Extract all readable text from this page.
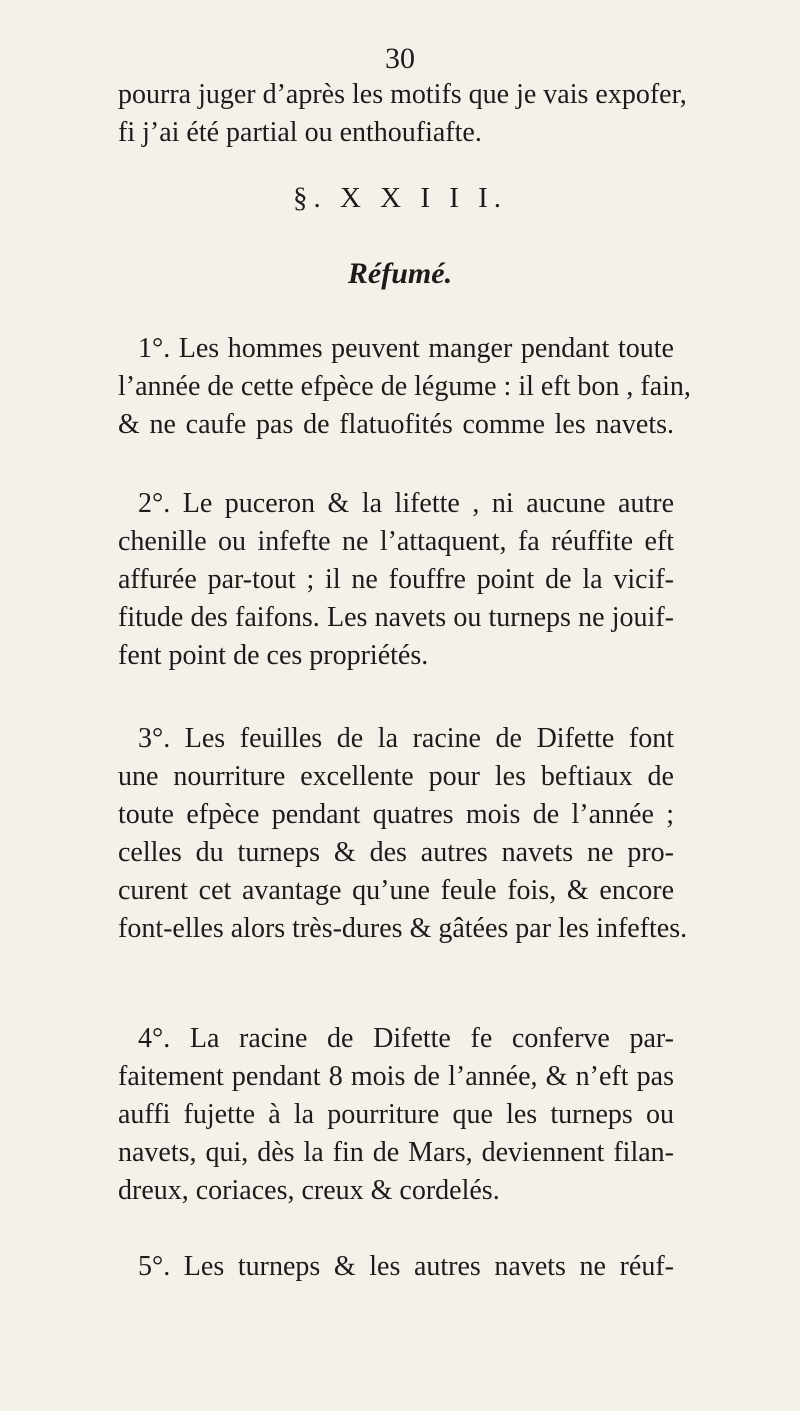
30
pourra juger d’après les motifs que je vais expofer,
fi j’ai été partial ou enthoufiafte.
§. X X I I I.
Réfumé.
1°. Les hommes peuvent manger pendant toute
l’année de cette efpèce de légume : il eft bon , fain,
& ne caufe pas de flatuofités comme les navets.
2°. Le puceron & la lifette , ni aucune autre
chenille ou infefte ne l’attaquent, fa réuffite eft
affurée par-tout ; il ne fouffre point de la vicif-
fitude des faifons. Les navets ou turneps ne jouif-
fent point de ces propriétés.
3°. Les feuilles de la racine de Difette font
une nourriture excellente pour les beftiaux de
toute efpèce pendant quatres mois de l’année ;
celles du turneps & des autres navets ne pro-
curent cet avantage qu’une feule fois, & encore
font-elles alors très-dures & gâtées par les infeftes.
4°. La racine de Difette fe conferve par-
faitement pendant 8 mois de l’année, & n’eft pas
auffi fujette à la pourriture que les turneps ou
navets, qui, dès la fin de Mars, deviennent filan-
dreux, coriaces, creux & cordelés.
5°. Les turneps & les autres navets ne réuf-
